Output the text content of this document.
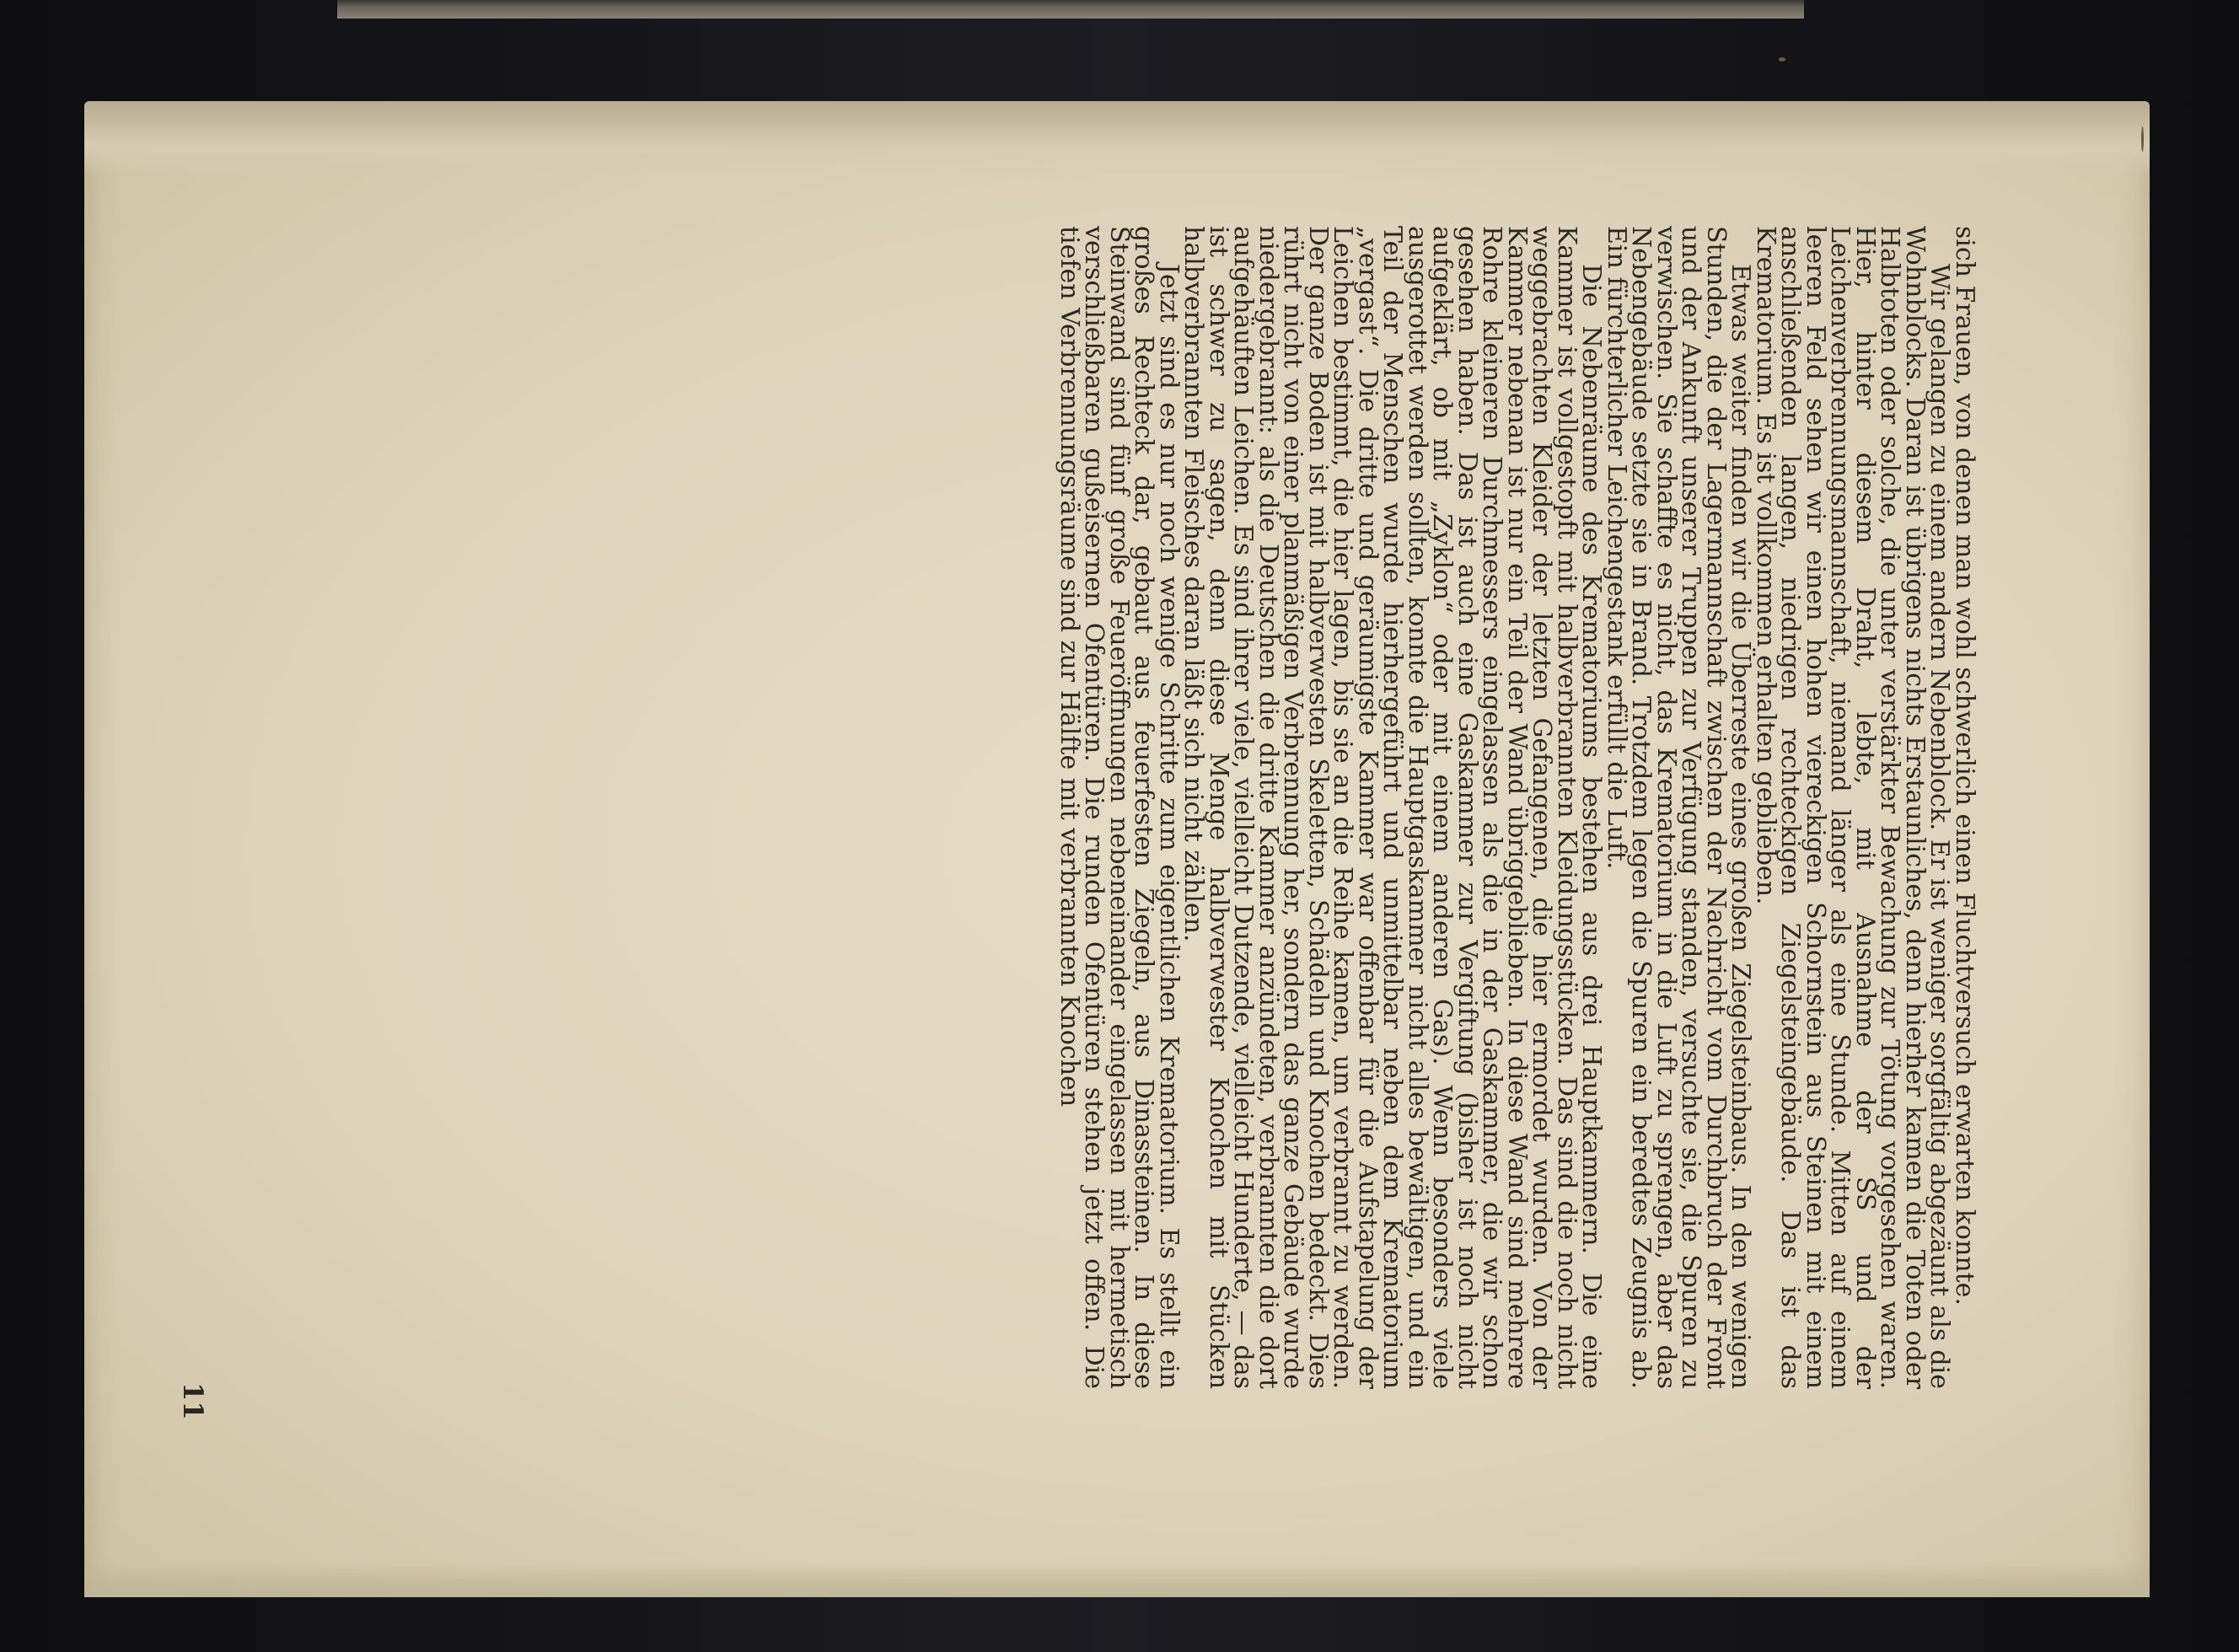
sich Frauen, von denen man wohl schwerlich einen Fluchtversuch erwarten konnte.

Wir gelangen zu einem andern Nebenblock. Er ist weniger sorgfältig abgezäunt als die Wohnblocks. Daran ist übrigens nichts Erstaunliches, denn hierher kamen die Toten oder Halbtoten oder solche, die unter verstärkter Bewachung zur Tötung vorgesehen waren. Hier, hinter diesem Draht, lebte, mit Ausnahme der SS und der Leichenverbrennungsmannschaft, niemand länger als eine Stunde. Mitten auf einem leeren Feld sehen wir einen hohen viereckigen Schornstein aus Steinen mit einem anschließenden langen, niedrigen rechteckigen Ziegelsteingebäude. Das ist das Krematorium. Es ist vollkommen erhalten geblieben.

Etwas weiter finden wir die Überreste eines großen Ziegelsteinbaus. In den wenigen Stunden, die der Lagermannschaft zwischen der Nachricht vom Durchbruch der Front und der Ankunft unserer Truppen zur Verfügung standen, versuchte sie, die Spuren zu verwischen. Sie schaffte es nicht, das Krematorium in die Luft zu sprengen, aber das Nebengebäude setzte sie in Brand. Trotzdem legen die Spuren ein beredtes Zeugnis ab. Ein fürchterlicher Leichengestank erfüllt die Luft.

Die Nebenräume des Krematoriums bestehen aus drei Hauptkammern. Die eine Kammer ist vollgestopft mit halbverbrannten Kleidungsstücken. Das sind die noch nicht weggebrachten Kleider der letzten Gefangenen, die hier ermordet wurden. Von der Kammer nebenan ist nur ein Teil der Wand übriggeblieben. In diese Wand sind mehrere Rohre kleineren Durchmessers eingelassen als die in der Gaskammer, die wir schon gesehen haben. Das ist auch eine Gaskammer zur Vergiftung (bisher ist noch nicht aufgeklärt, ob mit „Zyklon“ oder mit einem anderen Gas). Wenn besonders viele ausgerottet werden sollten, konnte die Hauptgaskammer nicht alles bewältigen, und ein Teil der Menschen wurde hierhergeführt und unmittelbar neben dem Krematorium „vergast“. Die dritte und geräumigste Kammer war offenbar für die Aufstapelung der Leichen bestimmt, die hier lagen, bis sie an die Reihe kamen, um verbrannt zu werden. Der ganze Boden ist mit halbverwesten Skeletten, Schädeln und Knochen bedeckt. Dies rührt nicht von einer planmäßigen Verbrennung her, sondern das ganze Gebäude wurde niedergebrannt: als die Deutschen die dritte Kammer anzündeten, verbrannten die dort aufgehäuften Leichen. Es sind ihrer viele, vielleicht Dutzende, vielleicht Hunderte, — das ist schwer zu sagen, denn diese Menge halbverwester Knochen mit Stücken halbverbrannten Fleisches daran läßt sich nicht zählen.

Jetzt sind es nur noch wenige Schritte zum eigentlichen Krematorium. Es stellt ein großes Rechteck dar, gebaut aus feuerfesten Ziegeln, aus Dinassteinen. In diese Steinwand sind fünf große Feueröffnungen nebeneinander eingelassen mit hermetisch verschließbaren gußeisernen Ofentüren. Die runden Ofentüren stehen jetzt offen. Die tiefen Verbrennungsräume sind zur Hälfte mit verbrannten Knochen

11
